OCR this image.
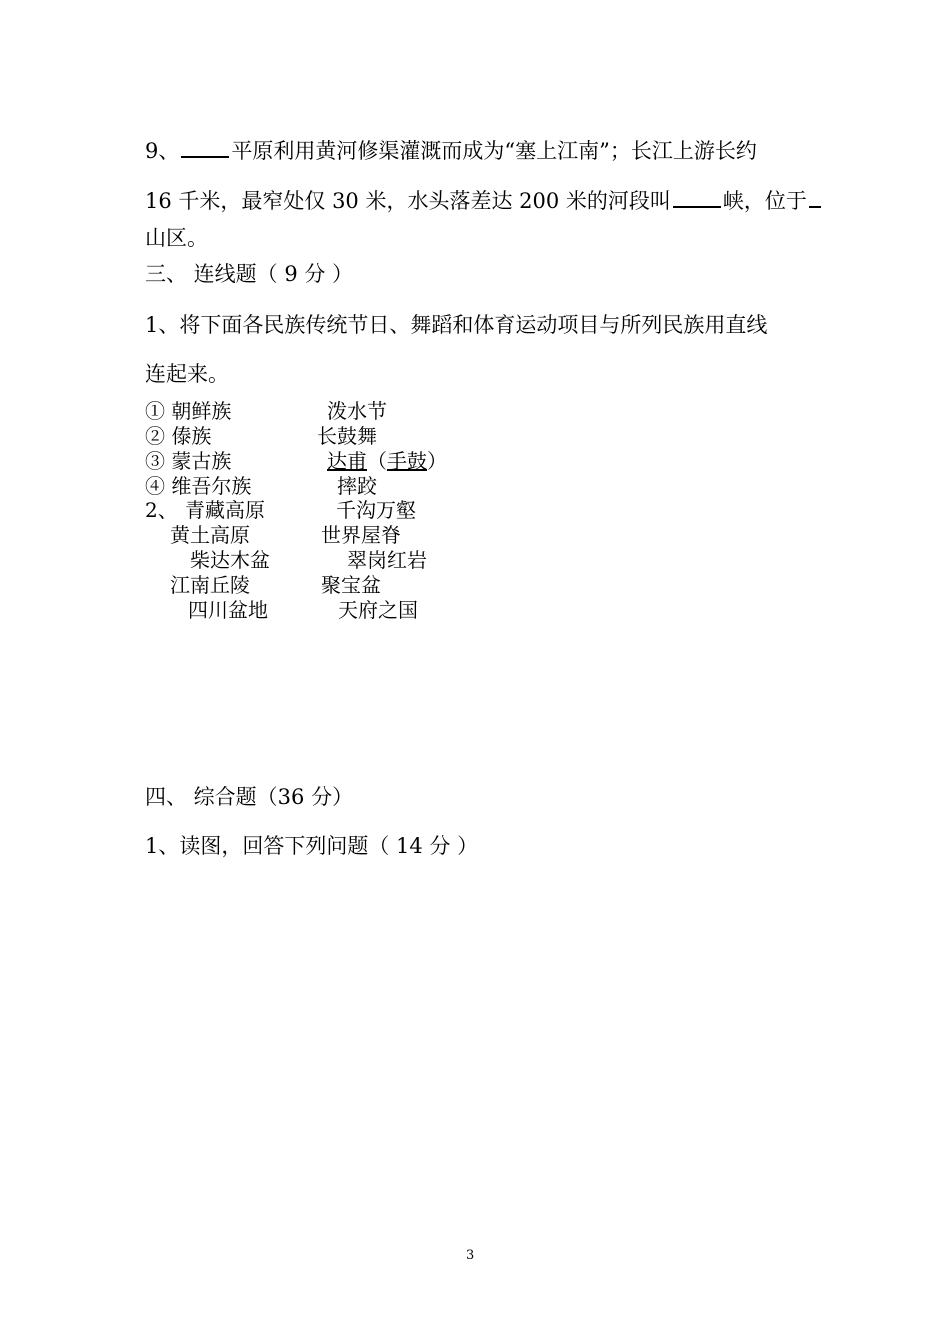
9、 平原利用黄河修渠灌溉而成为“塞上江南”；长江上游长约
16 千米，最窄处仅 30 米，水头落差达 200 米的河段叫 峡，位于
山区。
三、 连线题（ 9 分 ）
1、将下面各民族传统节日、舞蹈和体育运动项目与所列民族用直线
连起来。
① 朝鲜族	泼水节
② 傣族	长鼓舞
③ 蒙古族	达甫（手鼓）
④ 维吾尔族	摔跤
2、 青藏高原	千沟万壑
黄土高原	世界屋脊
柴达木盆	翠岗红岩
江南丘陵	聚宝盆
四川盆地	天府之国
四、 综合题（36 分）
1、读图，回答下列问题（ 14 分 ）
3
